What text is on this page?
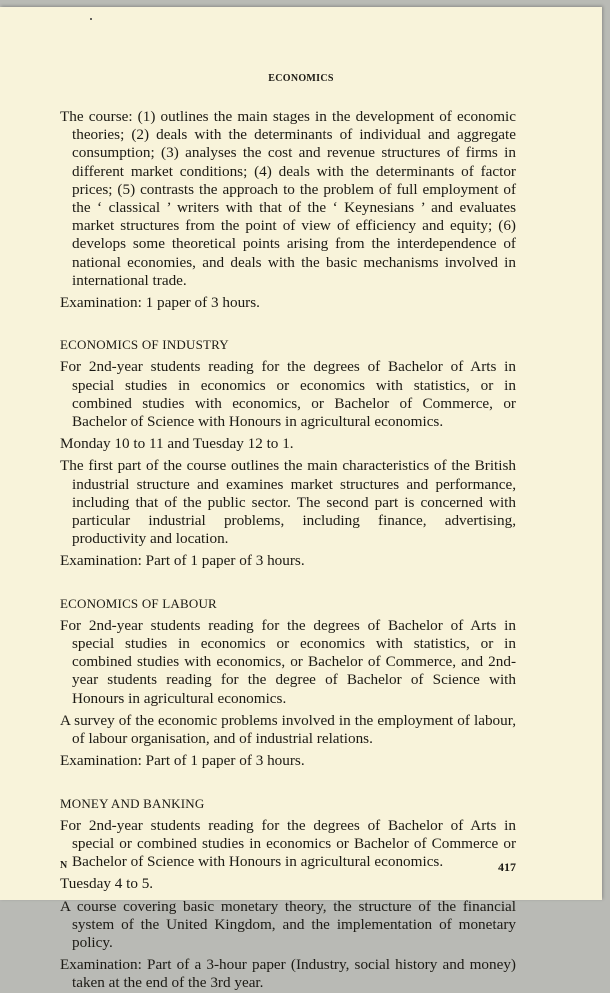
ECONOMICS

The course: (1) outlines the main stages in the development of economic theories; (2) deals with the determinants of individual and aggregate consumption; (3) analyses the cost and revenue structures of firms in different market conditions; (4) deals with the determinants of factor prices; (5) contrasts the approach to the problem of full employment of the ‘ classical ’ writers with that of the ‘ Keynesians ’ and evaluates market structures from the point of view of efficiency and equity; (6) develops some theoretical points arising from the interdependence of national economies, and deals with the basic mechanisms involved in international trade.

Examination: 1 paper of 3 hours.

ECONOMICS OF INDUSTRY

For 2nd-year students reading for the degrees of Bachelor of Arts in special studies in economics or economics with statistics, or in combined studies with economics, or Bachelor of Commerce, or Bachelor of Science with Honours in agricultural economics.

Monday 10 to 11 and Tuesday 12 to 1.

The first part of the course outlines the main characteristics of the British industrial structure and examines market structures and performance, including that of the public sector. The second part is concerned with particular industrial problems, including finance, advertising, productivity and location.

Examination: Part of 1 paper of 3 hours.

ECONOMICS OF LABOUR

For 2nd-year students reading for the degrees of Bachelor of Arts in special studies in economics or economics with statistics, or in combined studies with economics, or Bachelor of Commerce, and 2nd-year students reading for the degree of Bachelor of Science with Honours in agricultural economics.

A survey of the economic problems involved in the employment of labour, of labour organisation, and of industrial relations.

Examination: Part of 1 paper of 3 hours.

MONEY AND BANKING

For 2nd-year students reading for the degrees of Bachelor of Arts in special or combined studies in economics or Bachelor of Commerce or Bachelor of Science with Honours in agricultural economics.

Tuesday 4 to 5.

A course covering basic monetary theory, the structure of the financial system of the United Kingdom, and the implementation of monetary policy.

Examination: Part of a 3-hour paper (Industry, social history and money) taken at the end of the 3rd year.

N	417
